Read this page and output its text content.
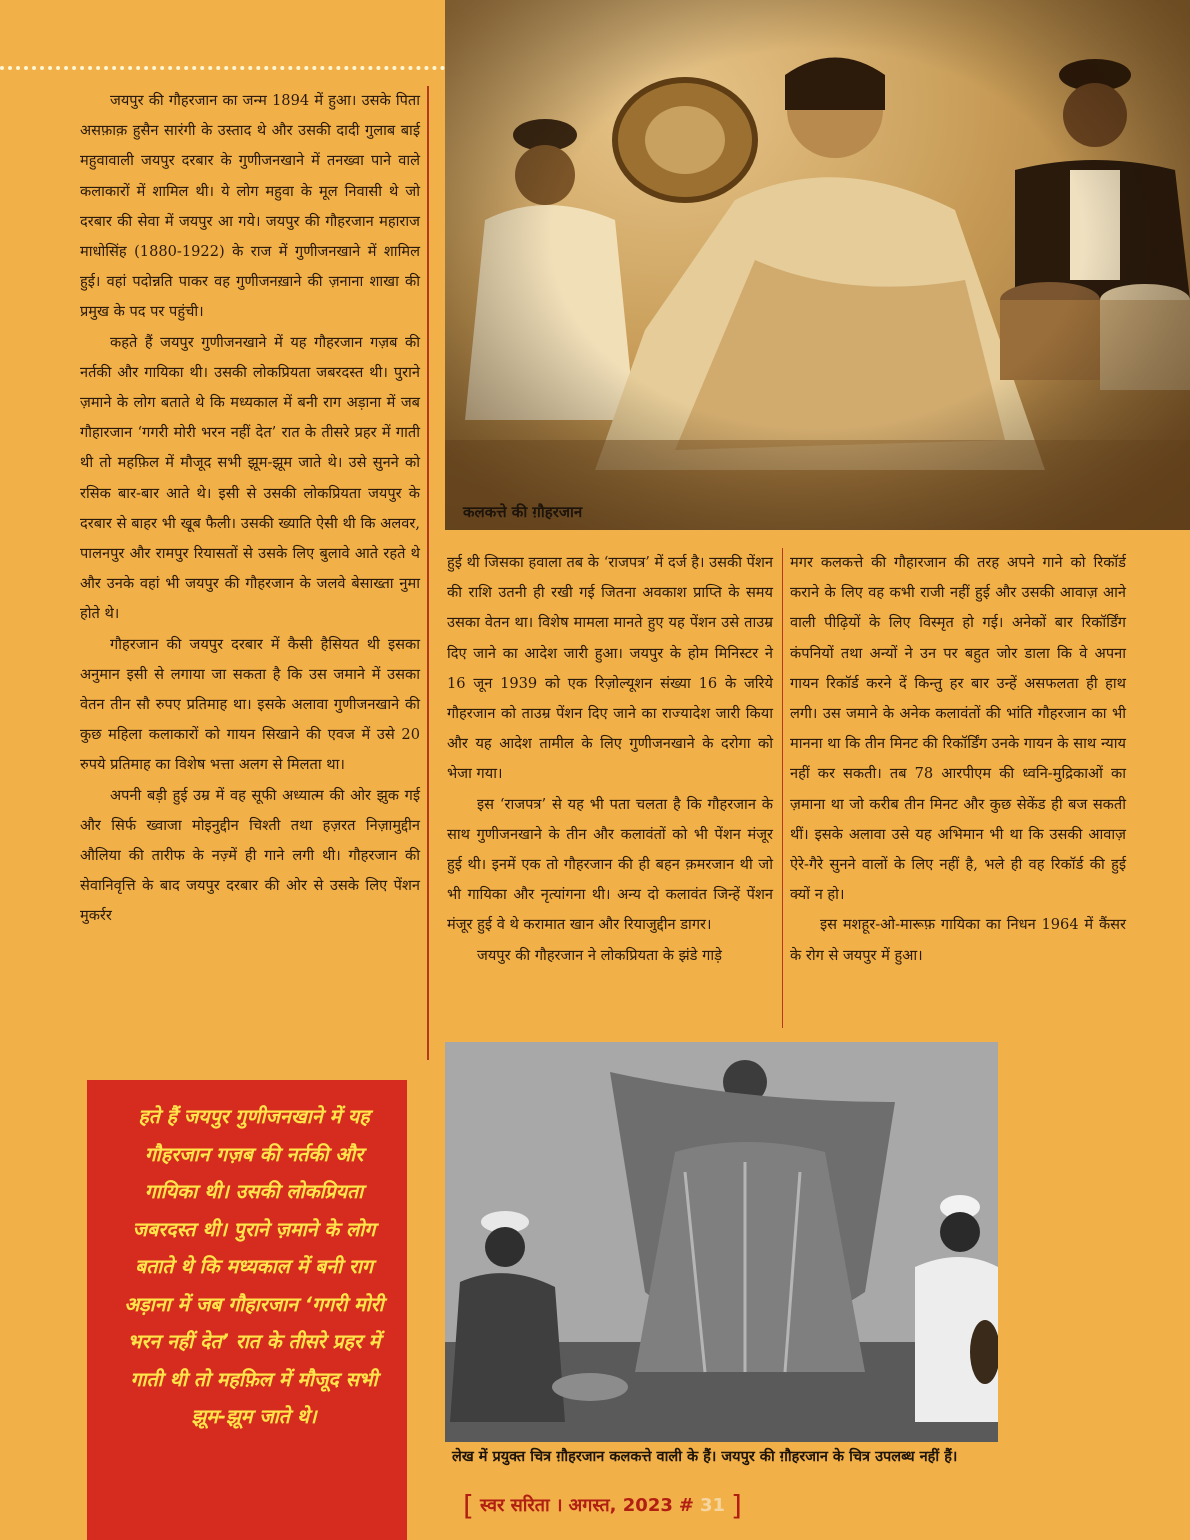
जयपुर की गौहरजान का जन्म 1894 में हुआ। उसके पिता असफ़ाक़ हुसैन सारंगी के उस्ताद थे और उसकी दादी गुलाब बाई महुवावाली जयपुर दरबार के गुणीजनखाने में तनख्वा पाने वाले कलाकारों में शामिल थी। ये लोग महुवा के मूल निवासी थे जो दरबार की सेवा में जयपुर आ गये। जयपुर की गौहरजान महाराज माधोसिंह (1880-1922) के राज में गुणीजनखाने में शामिल हुई। वहां पदोन्नति पाकर वह गुणीजनख़ाने की ज़नाना शाखा की प्रमुख के पद पर पहुंची।

कहते हैं जयपुर गुणीजनखाने में यह गौहरजान गज़ब की नर्तकी और गायिका थी। उसकी लोकप्रियता जबरदस्त थी। पुराने ज़माने के लोग बताते थे कि मध्यकाल में बनी राग अड़ाना में जब गौहारजान ‘गगरी मोरी भरन नहीं देत’ रात के तीसरे प्रहर में गाती थी तो महफ़िल में मौजूद सभी झूम-झूम जाते थे। उसे सुनने को रसिक बार-बार आते थे। इसी से उसकी लोकप्रियता जयपुर के दरबार से बाहर भी खूब फैली। उसकी ख्याति ऐसी थी कि अलवर, पालनपुर और रामपुर रियासतों से उसके लिए बुलावे आते रहते थे और उनके वहां भी जयपुर की गौहरजान के जलवे बेसाख्ता नुमा होते थे।

गौहरजान की जयपुर दरबार में कैसी हैसियत थी इसका अनुमान इसी से लगाया जा सकता है कि उस जमाने में उसका वेतन तीन सौ रुपए प्रतिमाह था। इसके अलावा गुणीजनखाने की कुछ महिला कलाकारों को गायन सिखाने की एवज में उसे 20 रुपये प्रतिमाह का विशेष भत्ता अलग से मिलता था।

अपनी बड़ी हुई उम्र में वह सूफी अध्यात्म की ओर झुक गई और सिर्फ ख्वाजा मोइनुद्दीन चिश्ती तथा हज़रत निज़ामुद्दीन औलिया की तारीफ के नज़्में ही गाने लगी थी। गौहरजान की सेवानिवृत्ति के बाद जयपुर दरबार की ओर से उसके लिए पेंशन मुकर्रर

कलकत्ते की ग़ौहरजान

हुई थी जिसका हवाला तब के ‘राजपत्र’ में दर्ज है। उसकी पेंशन की राशि उतनी ही रखी गई जितना अवकाश प्राप्ति के समय उसका वेतन था। विशेष मामला मानते हुए यह पेंशन उसे ताउम्र दिए जाने का आदेश जारी हुआ। जयपुर के होम मिनिस्टर ने 16 जून 1939 को एक रिज़ोल्यूशन संख्या 16 के जरिये गौहरजान को ताउम्र पेंशन दिए जाने का राज्यादेश जारी किया और यह आदेश तामील के लिए गुणीजनखाने के दरोगा को भेजा गया।

इस ‘राजपत्र’ से यह भी पता चलता है कि गौहरजान के साथ गुणीजनखाने के तीन और कलावंतों को भी पेंशन मंजूर हुई थी। इनमें एक तो गौहरजान की ही बहन क़मरजान थी जो भी गायिका और नृत्यांगना थी। अन्य दो कलावंत जिन्हें पेंशन मंजूर हुई वे थे करामात खान और रियाजुद्दीन डागर।

जयपुर की गौहरजान ने लोकप्रियता के झंडे गाड़े

मगर कलकत्ते की गौहारजान की तरह अपने गाने को रिकॉर्ड कराने के लिए वह कभी राजी नहीं हुई और उसकी आवाज़ आने वाली पीढ़ियों के लिए विस्मृत हो गई। अनेकों बार रिकॉर्डिंग कंपनियों तथा अन्यों ने उन पर बहुत जोर डाला कि वे अपना गायन रिकॉर्ड करने दें किन्तु हर बार उन्हें असफलता ही हाथ लगी। उस जमाने के अनेक कलावंतों की भांति गौहरजान का भी मानना था कि तीन मिनट की रिकॉर्डिंग उनके गायन के साथ न्याय नहीं कर सकती। तब 78 आरपीएम की ध्वनि-मुद्रिकाओं का ज़माना था जो करीब तीन मिनट और कुछ सेकेंड ही बज सकती थीं। इसके अलावा उसे यह अभिमान भी था कि उसकी आवाज़ ऐरे-गैरे सुनने वालों के लिए नहीं है, भले ही वह रिकॉर्ड की हुई क्यों न हो।

इस मशहूर-ओ-मारूफ़ गायिका का निधन 1964 में कैंसर के रोग से जयपुर में हुआ।

लेख में प्रयुक्त चित्र ग़ौहरजान कलकत्ते वाली के हैं। जयपुर की ग़ौहरजान के चित्र उपलब्ध नहीं हैं।
हते हैं जयपुर गुणीजनखाने में यह गौहरजान गज़ब की नर्तकी और गायिका थी। उसकी लोकप्रियता जबरदस्त थी। पुराने ज़माने के लोग बताते थे कि मध्यकाल में बनी राग अड़ाना में जब गौहारजान ‘गगरी मोरी भरन नहीं देत’ रात के तीसरे प्रहर में गाती थी तो महफ़िल में मौजूद सभी झूम-झूम जाते थे।
[ स्वर सरिता । अगस्त, 2023 # 31 ]
